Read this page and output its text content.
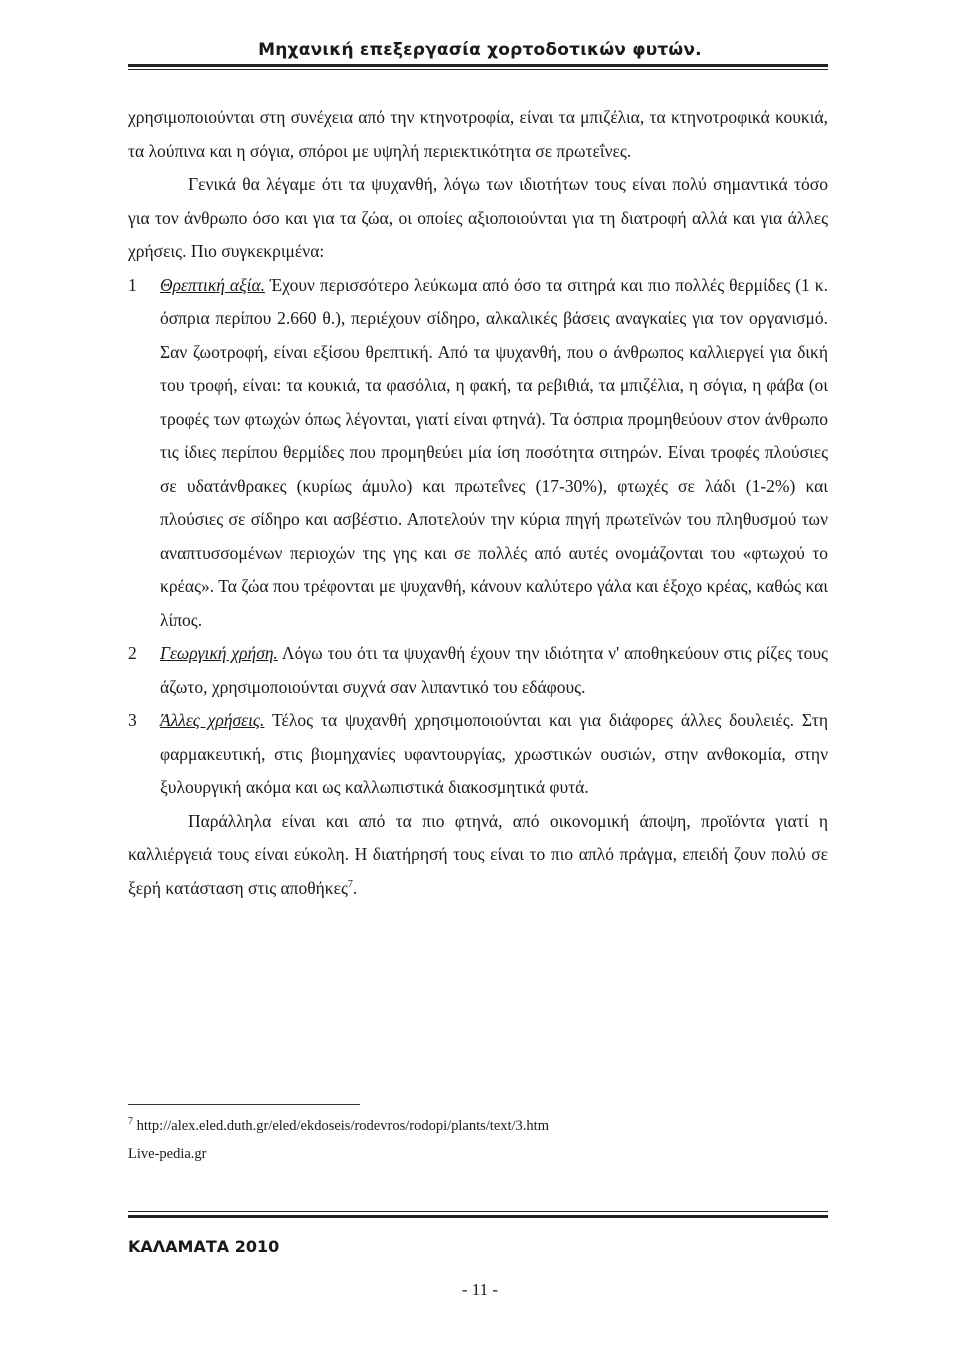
Μηχανική επεξεργασία χορτοδοτικών φυτών.

χρησιμοποιούνται στη συνέχεια από την κτηνοτροφία, είναι τα μπιζέλια, τα κτηνοτροφικά κουκιά, τα λούπινα και η σόγια, σπόροι με υψηλή περιεκτικότητα σε πρωτεΐνες.

Γενικά θα λέγαμε ότι τα ψυχανθή, λόγω των ιδιοτήτων τους είναι πολύ σημαντικά τόσο για τον άνθρωπο όσο και για τα ζώα, οι οποίες αξιοποιούνται για τη διατροφή αλλά και για άλλες χρήσεις. Πιο συγκεκριμένα:

1 Θρεπτική αξία. Έχουν περισσότερο λεύκωμα από όσο τα σιτηρά και πιο πολλές θερμίδες (1 κ. όσπρια περίπου 2.660 θ.), περιέχουν σίδηρο, αλκαλικές βάσεις αναγκαίες για τον οργανισμό. Σαν ζωοτροφή, είναι εξίσου θρεπτική. Από τα ψυχανθή, που ο άνθρωπος καλλιεργεί για δική του τροφή, είναι: τα κουκιά, τα φασόλια, η φακή, τα ρεβιθιά, τα μπιζέλια, η σόγια, η φάβα (οι τροφές των φτωχών όπως λέγονται, γιατί είναι φτηνά). Τα όσπρια προμηθεύουν στον άνθρωπο τις ίδιες περίπου θερμίδες που προμηθεύει μία ίση ποσότητα σιτηρών. Είναι τροφές πλούσιες σε υδατάνθρακες (κυρίως άμυλο) και πρωτεΐνες (17-30%), φτωχές σε λάδι (1-2%) και πλούσιες σε σίδηρο και ασβέστιο. Αποτελούν την κύρια πηγή πρωτεϊνών του πληθυσμού των αναπτυσσομένων περιοχών της γης και σε πολλές από αυτές ονομάζονται του «φτωχού το κρέας». Τα ζώα που τρέφονται με ψυχανθή, κάνουν καλύτερο γάλα και έξοχο κρέας, καθώς και λίπος.
2 Γεωργική χρήση. Λόγω του ότι τα ψυχανθή έχουν την ιδιότητα ν' αποθηκεύουν στις ρίζες τους άζωτο, χρησιμοποιούνται συχνά σαν λιπαντικό του εδάφους.
3 Άλλες χρήσεις. Τέλος τα ψυχανθή χρησιμοποιούνται και για διάφορες άλλες δουλειές. Στη φαρμακευτική, στις βιομηχανίες υφαντουργίας, χρωστικών ουσιών, στην ανθοκομία, στην ξυλουργική ακόμα και ως καλλωπιστικά διακοσμητικά φυτά.

Παράλληλα είναι και από τα πιο φτηνά, από οικονομική άποψη, προϊόντα γιατί η καλλιέργειά τους είναι εύκολη. Η διατήρησή τους είναι το πιο απλό πράγμα, επειδή ζουν πολύ σε ξερή κατάσταση στις αποθήκες$^7$.

$^7$ http://alex.eled.duth.gr/eled/ekdoseis/rodevros/rodopi/plants/text/3.htm
Live-pedia.gr
ΚΑΛΑΜΑΤΑ 2010
- 11 -
